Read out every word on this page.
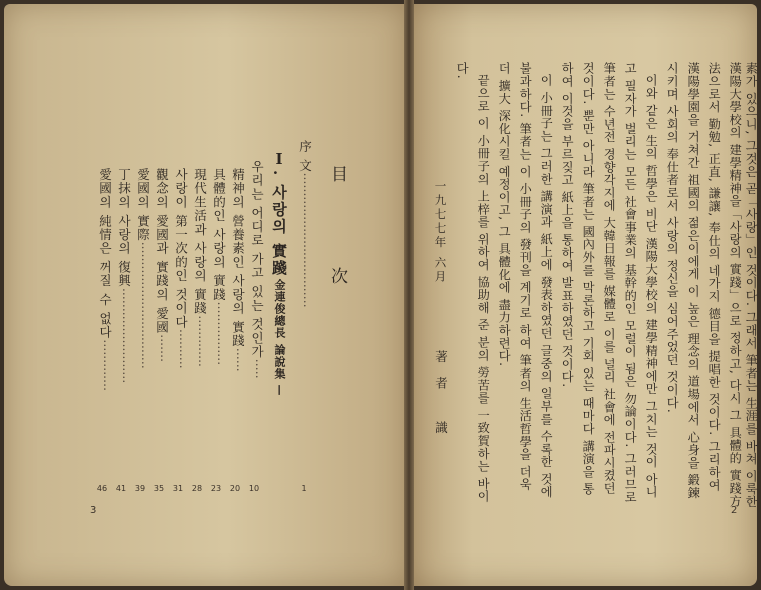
目
次
序 文··································
1
Ⅰ. 사랑의 實踐
— 金連俊總長 論說集 —
우리는 어디로 가고 있는 것인가·····
10
精神의 營養素인 사랑의 實踐······
20
具體的인 사랑의 實踐················
23
現代生活과 사랑의 實踐·············
28
사랑이 第一次的인 것이다··········
31
觀念의 愛國과 實踐의 愛國·······
35
愛國의 實際································
39
丁抹의 사랑의 復興························
41
愛國의 純情은 꺼질 수 없다·············
46
3
素가 있으니, 그것은 곧「사랑」인 것이다. 그래서 筆者는 生涯를 바쳐 이룩한
漢陽大學校의 建學精神을「사랑의 實踐」으로 정하고, 다시 그 具體的 實踐方
法으로서 勤勉, 正直, 謙讓, 奉仕의 네가지 德目을 提唱한 것이다. 그리하여
漢陽學園을 거쳐간 祖國의 젊은이에게 이 높은 理念의 道場에서 心身을 鍛鍊
시키며 사회의 奉仕者로서 사랑의 정신을 심어주었던 것이다.
이와 같은 生의 哲學은 비단 漢陽大學校의 建學精神에만 그치는 것이 아니
고 필자가 벌리는 모든 社會事業의 基幹的인 모럴이 됨은 勿論이다. 그러므로
筆者는 수년전 경향각지에 大韓日報를 媒體로 이를 널리 社會에 전파시켰던
것이다. 뿐만 아니라 筆者는 國內外를 막론하고 기회 있는 때마다 講演을 통
하여 이것을 부르짖고 紙上을 통하여 발표하였던 것이다.
이 小冊子는 그러한 講演과 紙上에 發表하였던 글중의 일부를 수록한 것에
불과하다. 筆者는 이 小冊子의 發刊을 계기로 하여 筆者의 生活哲學을 더욱
더 擴大 深化시킬 예정이고, 그 具體化에 盡力하련다.
끝으로 이 小冊子의 上梓를 위하여 協助해 준 분의 勞苦를 一致賀하는 바이
다.
2
一九七七年 六月
著者 識
